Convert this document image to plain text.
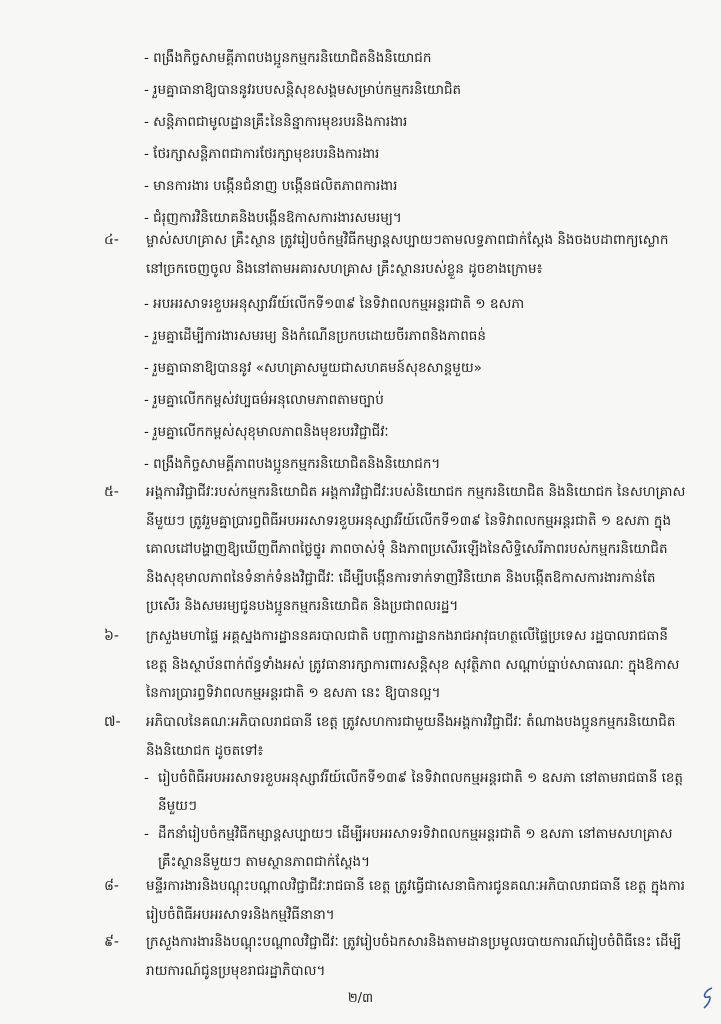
- ពង្រឹងកិច្ចសាមគ្គីភាពបងប្អូនកម្មករនិយោជិតនិងនិយោជក
- រួមគ្នាធានាឱ្យបាននូវរបបសន្តិសុខសង្គមសម្រាប់កម្មករនិយោជិត
- សន្តិភាពជាមូលដ្ឋានគ្រឹះនៃនិន្នាការមុខរបរនិងការងារ
- ថែរក្សាសន្តិភាពជាការថែរក្សាមុខរបរនិងការងារ
- មានការងារ បង្កើនជំនាញ បង្កើនផលិតភាពការងារ
- ជំរុញការវិនិយោគនិងបង្កើនឱកាសការងារសមរម្យ។
៤-	ម្ចាស់សហគ្រាស គ្រឹះស្ថាន ត្រូវរៀបចំកម្មវិធីកម្សាន្តសប្បាយៗតាមលទ្ធភាពជាក់ស្តែង និងចងបដាពាក្យស្លោក នៅច្រកចេញចូល និងនៅតាមអគារសហគ្រាស គ្រឹះស្ថានរបស់ខ្លួន ដូចខាងក្រោម៖
- អបអរសាទរខួបអនុស្សាវរីយ៍លើកទី១៣៩ នៃទិវាពលកម្មអន្តរជាតិ ១ ឧសភា
- រួមគ្នាដើម្បីការងារសមរម្យ និងកំណើនប្រកបដោយចីរភាពនិងភាពធន់
- រួមគ្នាធានាឱ្យបាននូវ «សហគ្រាសមួយជាសហគមន៍សុខសាន្តមួយ»
- រួមគ្នាលើកកម្ពស់វប្បធម៌អនុលោមភាពតាមច្បាប់
- រួមគ្នាលើកកម្ពស់សុខុមាលភាពនិងមុខរបរវិជ្ជាជីវៈ
- ពង្រឹងកិច្ចសាមគ្គីភាពបងប្អូនកម្មករនិយោជិតនិងនិយោជក។
៥-	អង្គការវិជ្ជាជីវៈរបស់កម្មករនិយោជិត អង្គការវិជ្ជាជីវៈរបស់និយោជក កម្មករនិយោជិត និងនិយោជក នៃសហគ្រាសនីមួយៗ ត្រូវរួមគ្នាប្រារព្ធពិធីអបអរសាទរខួបអនុស្សាវរីយ៍លើកទី១៣៩ នៃទិវាពលកម្មអន្តរជាតិ ១ ឧសភា ក្នុងគោលដៅបង្ហាញឱ្យឃើញពីភាពថ្លៃថ្នូរ ភាពចាស់ទុំ និងភាពប្រសើរឡើងនៃសិទ្ធិសេរីភាពរបស់កម្មករនិយោជិត និងសុខុមាលភាពនៃទំនាក់ទំនងវិជ្ជាជីវៈ ដើម្បីបង្កើនការទាក់ទាញវិនិយោគ និងបង្កើតឱកាសការងារកាន់តែប្រសើរ និងសមរម្យជូនបងប្អូនកម្មករនិយោជិត និងប្រជាពលរដ្ឋ។
៦-	ក្រសួងមហាផ្ទៃ អគ្គស្នងការដ្ឋាននគរបាលជាតិ បញ្ជាការដ្ឋានកងរាជអាវុធហត្ថលើផ្ទៃប្រទេស រដ្ឋបាលរាជធានី ខេត្ត និងស្ថាប័នពាក់ព័ន្ធទាំងអស់ ត្រូវធានារក្សាការពារសន្តិសុខ សុវត្ថិភាព សណ្តាប់ធ្នាប់សាធារណៈ ក្នុងឱកាសនៃការប្រារព្ធទិវាពលកម្មអន្តរជាតិ ១ ឧសភា នេះ ឱ្យបានល្អ។
៧-	អភិបាលនៃគណៈអភិបាលរាជធានី ខេត្ត ត្រូវសហការជាមួយនឹងអង្គការវិជ្ជាជីវៈ តំណាងបងប្អូនកម្មករនិយោជិត និងនិយោជក ដូចតទៅ៖
- រៀបចំពិធីអបអរសាទរខួបអនុស្សាវរីយ៍លើកទី១៣៩ នៃទិវាពលកម្មអន្តរជាតិ ១ ឧសភា នៅតាមរាជធានី ខេត្តនីមួយៗ
- ដឹកនាំរៀបចំកម្មវិធីកម្សាន្តសប្បាយៗ ដើម្បីអបអរសាទរទិវាពលកម្មអន្តរជាតិ ១ ឧសភា នៅតាមសហគ្រាស គ្រឹះស្ថាននីមួយៗ តាមស្ថានភាពជាក់ស្តែង។
៨-	មន្ទីរការងារនិងបណ្តុះបណ្តាលវិជ្ជាជីវៈរាជធានី ខេត្ត ត្រូវធ្វើជាសេនាធិការជូនគណៈអភិបាលរាជធានី ខេត្ត ក្នុងការរៀបចំពិធីអបអរសាទរនិងកម្មវិធីនានា។
៩-	ក្រសួងការងារនិងបណ្តុះបណ្តាលវិជ្ជាជីវៈ ត្រូវរៀបចំឯកសារនិងតាមដានប្រមូលរបាយការណ៍រៀបចំពិធីនេះ ដើម្បីរាយការណ៍ជូនប្រមុខរាជរដ្ឋាភិបាល។
២/៣
